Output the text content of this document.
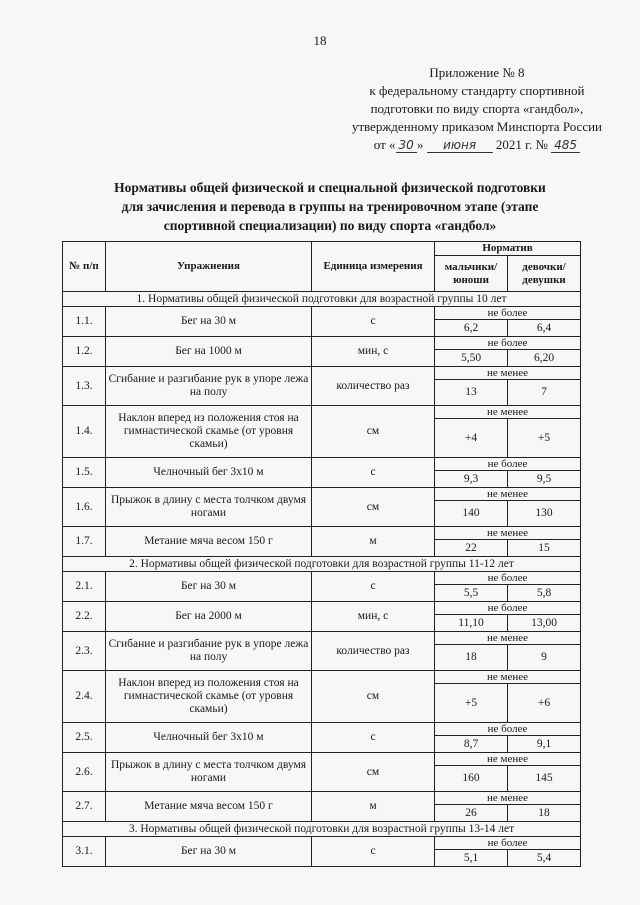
18
Приложение № 8
к федеральному стандарту спортивной
подготовки по виду спорта «гандбол»,
утвержденному приказом Минспорта России
от « 30 » июня 2021 г. № 485
Нормативы общей физической и специальной физической подготовки
для зачисления и перевода в группы на тренировочном этапе (этапе
спортивной специализации) по виду спорта «гандбол»
№ п/п	Упражнения	Единица измерения	Норматив	
			мальчики/ юноши	девочки/ девушки
1. Нормативы общей физической подготовки для возрастной группы 10 лет				
1.1.	Бег на 30 м	с	не более	
			6,2	6,4
1.2.	Бег на 1000 м	мин, с	не более	
			5,50	6,20
1.3.	Сгибание и разгибание рук в упоре лежа на полу	количество раз	не менее	
			13	7
1.4.	Наклон вперед из положения стоя на гимнастической скамье (от уровня скамьи)	см	не менее	
			+4	+5
1.5.	Челночный бег 3х10 м	с	не более	
			9,3	9,5
1.6.	Прыжок в длину с места толчком двумя ногами	см	не менее	
			140	130
1.7.	Метание мяча весом 150 г	м	не менее	
			22	15
2. Нормативы общей физической подготовки для возрастной группы 11-12 лет				
2.1.	Бег на 30 м	с	не более	
			5,5	5,8
2.2.	Бег на 2000 м	мин, с	не более	
			11,10	13,00
2.3.	Сгибание и разгибание рук в упоре лежа на полу	количество раз	не менее	
			18	9
2.4.	Наклон вперед из положения стоя на гимнастической скамье (от уровня скамьи)	см	не менее	
			+5	+6
2.5.	Челночный бег 3х10 м	с	не более	
			8,7	9,1
2.6.	Прыжок в длину с места толчком двумя ногами	см	не менее	
			160	145
2.7.	Метание мяча весом 150 г	м	не менее	
			26	18
3. Нормативы общей физической подготовки для возрастной группы 13-14 лет				
3.1.	Бег на 30 м	с	не более	
			5,1	5,4
